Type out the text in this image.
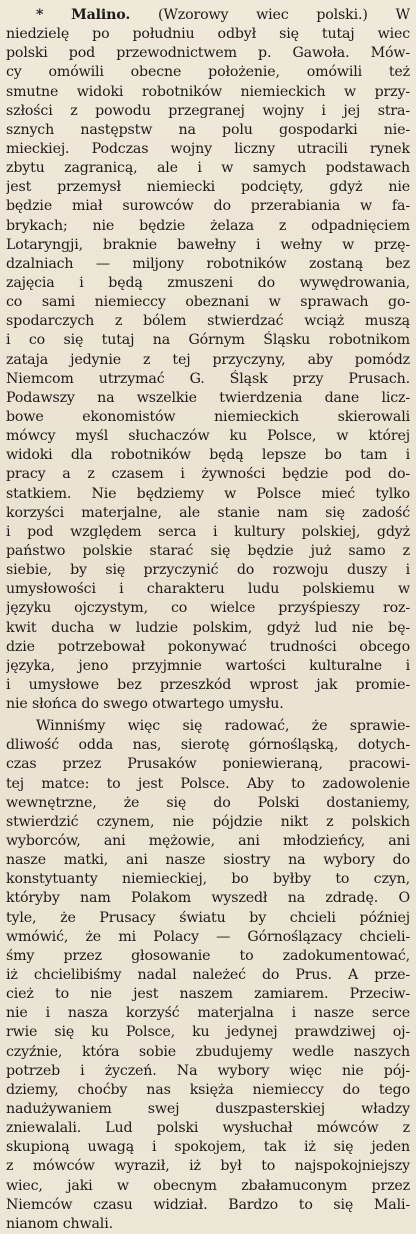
* Malino. (Wzorowy wiec polski.) W
niedzielę po południu odbył się tutaj wiec
polski pod przewodnictwem p. Gawoła. Mów-
cy omówili obecne położenie, omówili też
smutne widoki robotników niemieckich w przy-
szłości z powodu przegranej wojny i jej stra-
sznych następstw na polu gospodarki nie-
mieckiej. Podczas wojny liczny utracili rynek
zbytu zagranicą, ale i w samych podstawach
jest przemysł niemiecki podcięty, gdyż nie
będzie miał surowców do przerabiania w fa-
brykach; nie będzie żelaza z odpadnięciem
Lotaryngji, braknie bawełny i wełny w przę-
dzalniach — miljony robotników zostaną bez
zajęcia i będą zmuszeni do wywędrowania,
co sami niemieccy obeznani w sprawach go-
spodarczych z bólem stwierdzać wciąż muszą
i co się tutaj na Górnym Śląsku robotnikom
zataja jedynie z tej przyczyny, aby pomódz
Niemcom utrzymać G. Śląsk przy Prusach.
Podawszy na wszelkie twierdzenia dane licz-
bowe ekonomistów niemieckich skierowali
mówcy myśl słuchaczów ku Polsce, w której
widoki dla robotników będą lepsze bo tam i
pracy a z czasem i żywności będzie pod do-
statkiem. Nie będziemy w Polsce mieć tylko
korzyści materjalne, ale stanie nam się zadość
i pod względem serca i kultury polskiej, gdyż
państwo polskie starać się będzie już samo z
siebie, by się przyczynić do rozwoju duszy i
umysłowości i charakteru ludu polskiemu w
języku ojczystym, co wielce przyśpieszy roz-
kwit ducha w ludzie polskim, gdyż lud nie bę-
dzie potrzebował pokonywać trudności obcego
języka, jeno przyjmnie wartości kulturalne i
i umysłowe bez przeszkód wprost jak promie-
nie słońca do swego otwartego umysłu.
Winniśmy więc się radować, że sprawie-
dliwość odda nas, sierotę górnośląską, dotych-
czas przez Prusaków poniewieraną, pracowi-
tej matce: to jest Polsce. Aby to zadowolenie
wewnętrzne, że się do Polski dostaniemy,
stwierdzić czynem, nie pójdzie nikt z polskich
wyborców, ani mężowie, ani młodzieńcy, ani
nasze matki, ani nasze siostry na wybory do
konstytuanty niemieckiej, bo byłby to czyn,
któryby nam Polakom wyszedł na zdradę. O
tyle, że Prusacy światu by chcieli później
wmówić, że mi Polacy — Górnoślązacy chcieli-
śmy przez głosowanie to zadokumentować,
iż chcielibiśmy nadal należeć do Prus. A prze-
cież to nie jest naszem zamiarem. Przeciw-
nie i nasza korzyść materjalna i nasze serce
rwie się ku Polsce, ku jedynej prawdziwej oj-
czyźnie, która sobie zbudujemy wedle naszych
potrzeb i życzeń. Na wybory więc nie pój-
dziemy, choćby nas księża niemieccy do tego
nadużywaniem swej duszpasterskiej władzy
zniewalali. Lud polski wysłuchał mówców z
skupioną uwagą i spokojem, tak iż się jeden
z mówców wyraził, iż był to najspokojniejszy
wiec, jaki w obecnym zbałamuconym przez
Niemców czasu widział. Bardzo to się Mali-
nianom chwali.
